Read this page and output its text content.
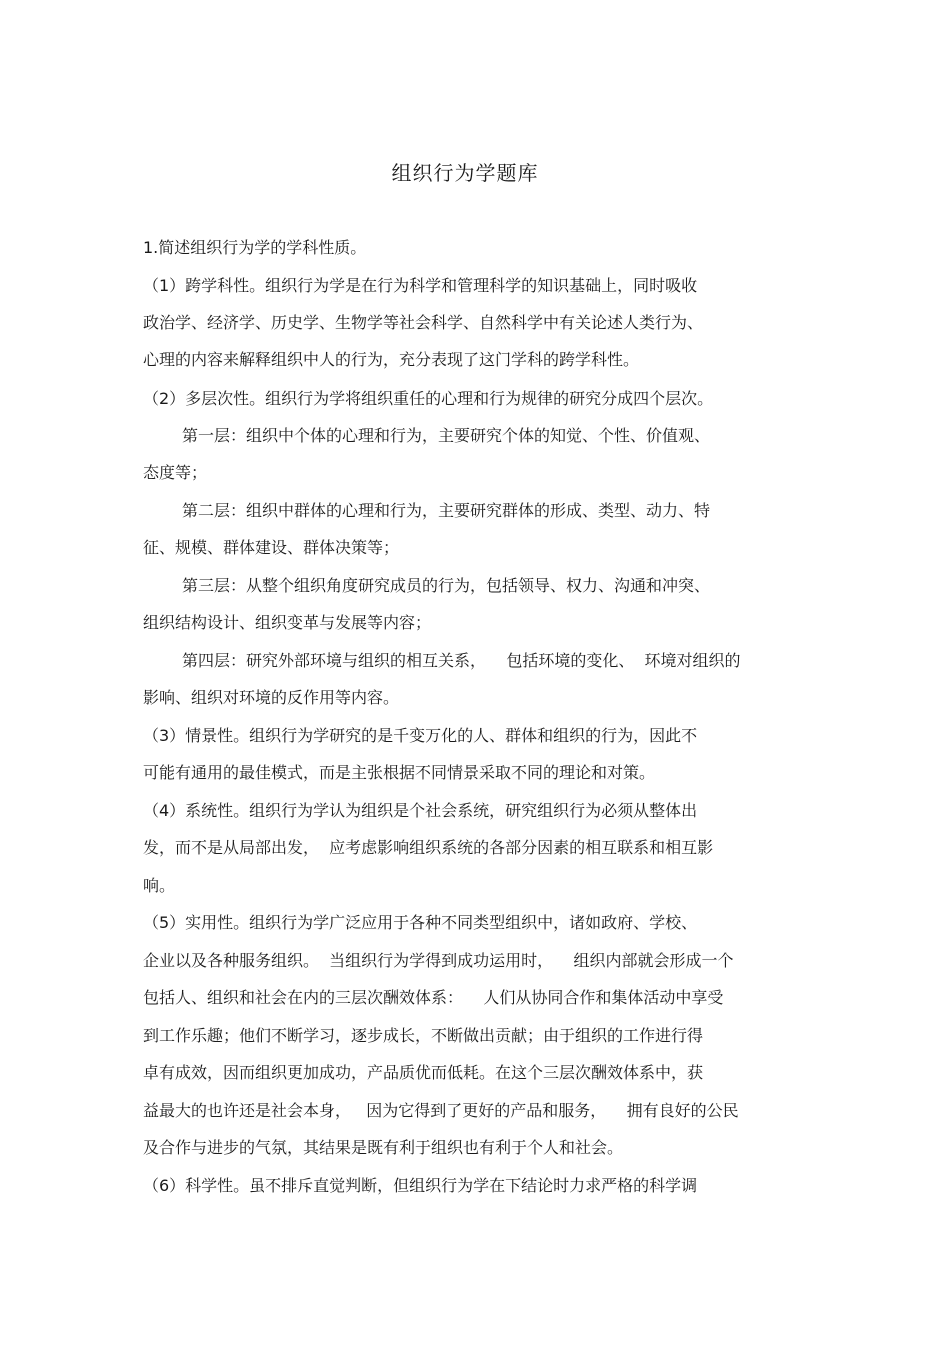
组织行为学题库
1.简述组织行为学的学科性质。
（1）跨学科性。组织行为学是在行为科学和管理科学的知识基础上，同时吸收
政治学、经济学、历史学、生物学等社会科学、自然科学中有关论述人类行为、
心理的内容来解释组织中人的行为，充分表现了这门学科的跨学科性。
（2）多层次性。组织行为学将组织重任的心理和行为规律的研究分成四个层次。
第一层：组织中个体的心理和行为，主要研究个体的知觉、个性、价值观、
态度等；
第二层：组织中群体的心理和行为，主要研究群体的形成、类型、动力、特
征、规模、群体建设、群体决策等；
第三层：从整个组织角度研究成员的行为，包括领导、权力、沟通和冲突、
组织结构设计、组织变革与发展等内容；
第四层：研究外部环境与组织的相互关系，    包括环境的变化、  环境对组织的
影响、组织对环境的反作用等内容。
（3）情景性。组织行为学研究的是千变万化的人、群体和组织的行为，因此不
可能有通用的最佳模式，而是主张根据不同情景采取不同的理论和对策。
（4）系统性。组织行为学认为组织是个社会系统，研究组织行为必须从整体出
发，而不是从局部出发，  应考虑影响组织系统的各部分因素的相互联系和相互影
响。
（5）实用性。组织行为学广泛应用于各种不同类型组织中，诸如政府、学校、
企业以及各种服务组织。  当组织行为学得到成功运用时，    组织内部就会形成一个
包括人、组织和社会在内的三层次酬效体系：    人们从协同合作和集体活动中享受
到工作乐趣；他们不断学习，逐步成长，不断做出贡献；由于组织的工作进行得
卓有成效，因而组织更加成功，产品质优而低耗。在这个三层次酬效体系中，获
益最大的也许还是社会本身，   因为它得到了更好的产品和服务，    拥有良好的公民
及合作与进步的气氛，其结果是既有利于组织也有利于个人和社会。
（6）科学性。虽不排斥直觉判断，但组织行为学在下结论时力求严格的科学调
